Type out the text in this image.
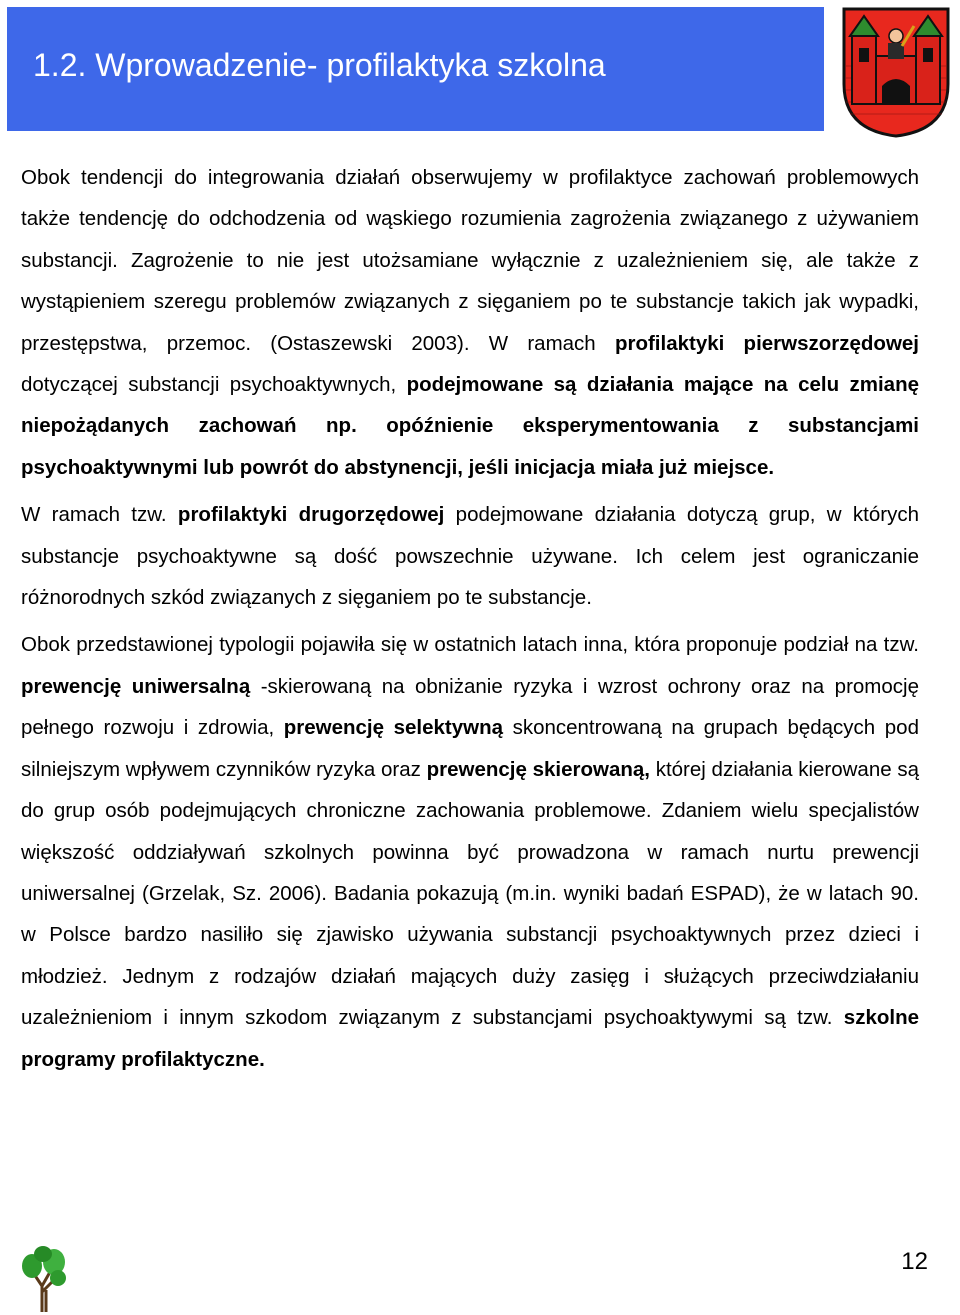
1.2. Wprowadzenie- profilaktyka szkolna

Obok tendencji do integrowania działań obserwujemy w profilaktyce zachowań problemowych także tendencję do odchodzenia od wąskiego rozumienia zagrożenia związanego z używaniem substancji. Zagrożenie to nie jest utożsamiane wyłącznie z uzależnieniem się, ale także z wystąpieniem szeregu problemów związanych z sięganiem po te substancje takich jak wypadki, przestępstwa, przemoc. (Ostaszewski 2003). W ramach profilaktyki pierwszorzędowej dotyczącej substancji psychoaktywnych, podejmowane są działania mające na celu zmianę niepożądanych zachowań np. opóźnienie eksperymentowania z substancjami psychoaktywnymi lub powrót do abstynencji, jeśli inicjacja miała już miejsce.

W ramach tzw. profilaktyki drugorzędowej podejmowane działania dotyczą grup, w których substancje psychoaktywne są dość powszechnie używane. Ich celem jest ograniczanie różnorodnych szkód związanych z sięganiem po te substancje.

Obok przedstawionej typologii pojawiła się w ostatnich latach inna, która proponuje podział na tzw. prewencję uniwersalną -skierowaną na obniżanie ryzyka i wzrost ochrony oraz na promocję pełnego rozwoju i zdrowia, prewencję selektywną skoncentrowaną na grupach będących pod silniejszym wpływem czynników ryzyka oraz prewencję skierowaną, której działania kierowane są do grup osób podejmujących chroniczne zachowania problemowe. Zdaniem wielu specjalistów większość oddziaływań szkolnych powinna być prowadzona w ramach nurtu prewencji uniwersalnej (Grzelak, Sz. 2006). Badania pokazują (m.in. wyniki badań ESPAD), że w latach 90. w Polsce bardzo nasiliło się zjawisko używania substancji psychoaktywnych przez dzieci i młodzież. Jednym z rodzajów działań mających duży zasięg i służących przeciwdziałaniu uzależnieniom i innym szkodom związanym z substancjami psychoaktywymi są tzw. szkolne programy profilaktyczne.

12
